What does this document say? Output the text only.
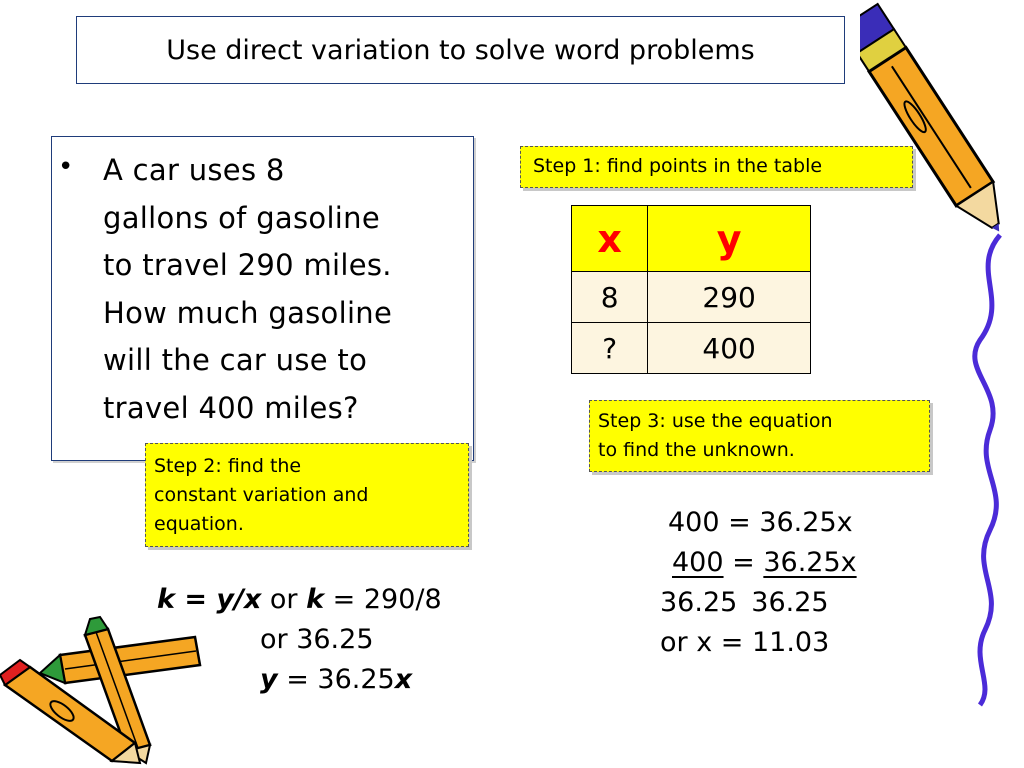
Use direct variation to solve word problems
• A car uses 8
gallons of gasoline
to travel 290 miles.
How much gasoline
will the car use to
travel 400 miles?
Step 1: find points in the table
x	y
8	290
?	400
Step 2: find the
constant variation and
equation.
Step 3: use the equation
to find the unknown.
k = y/x or k = 290/8
or 36.25
y = 36.25x
400 = 36.25x
400 = 36.25x
36.25 36.25
or x = 11.03
